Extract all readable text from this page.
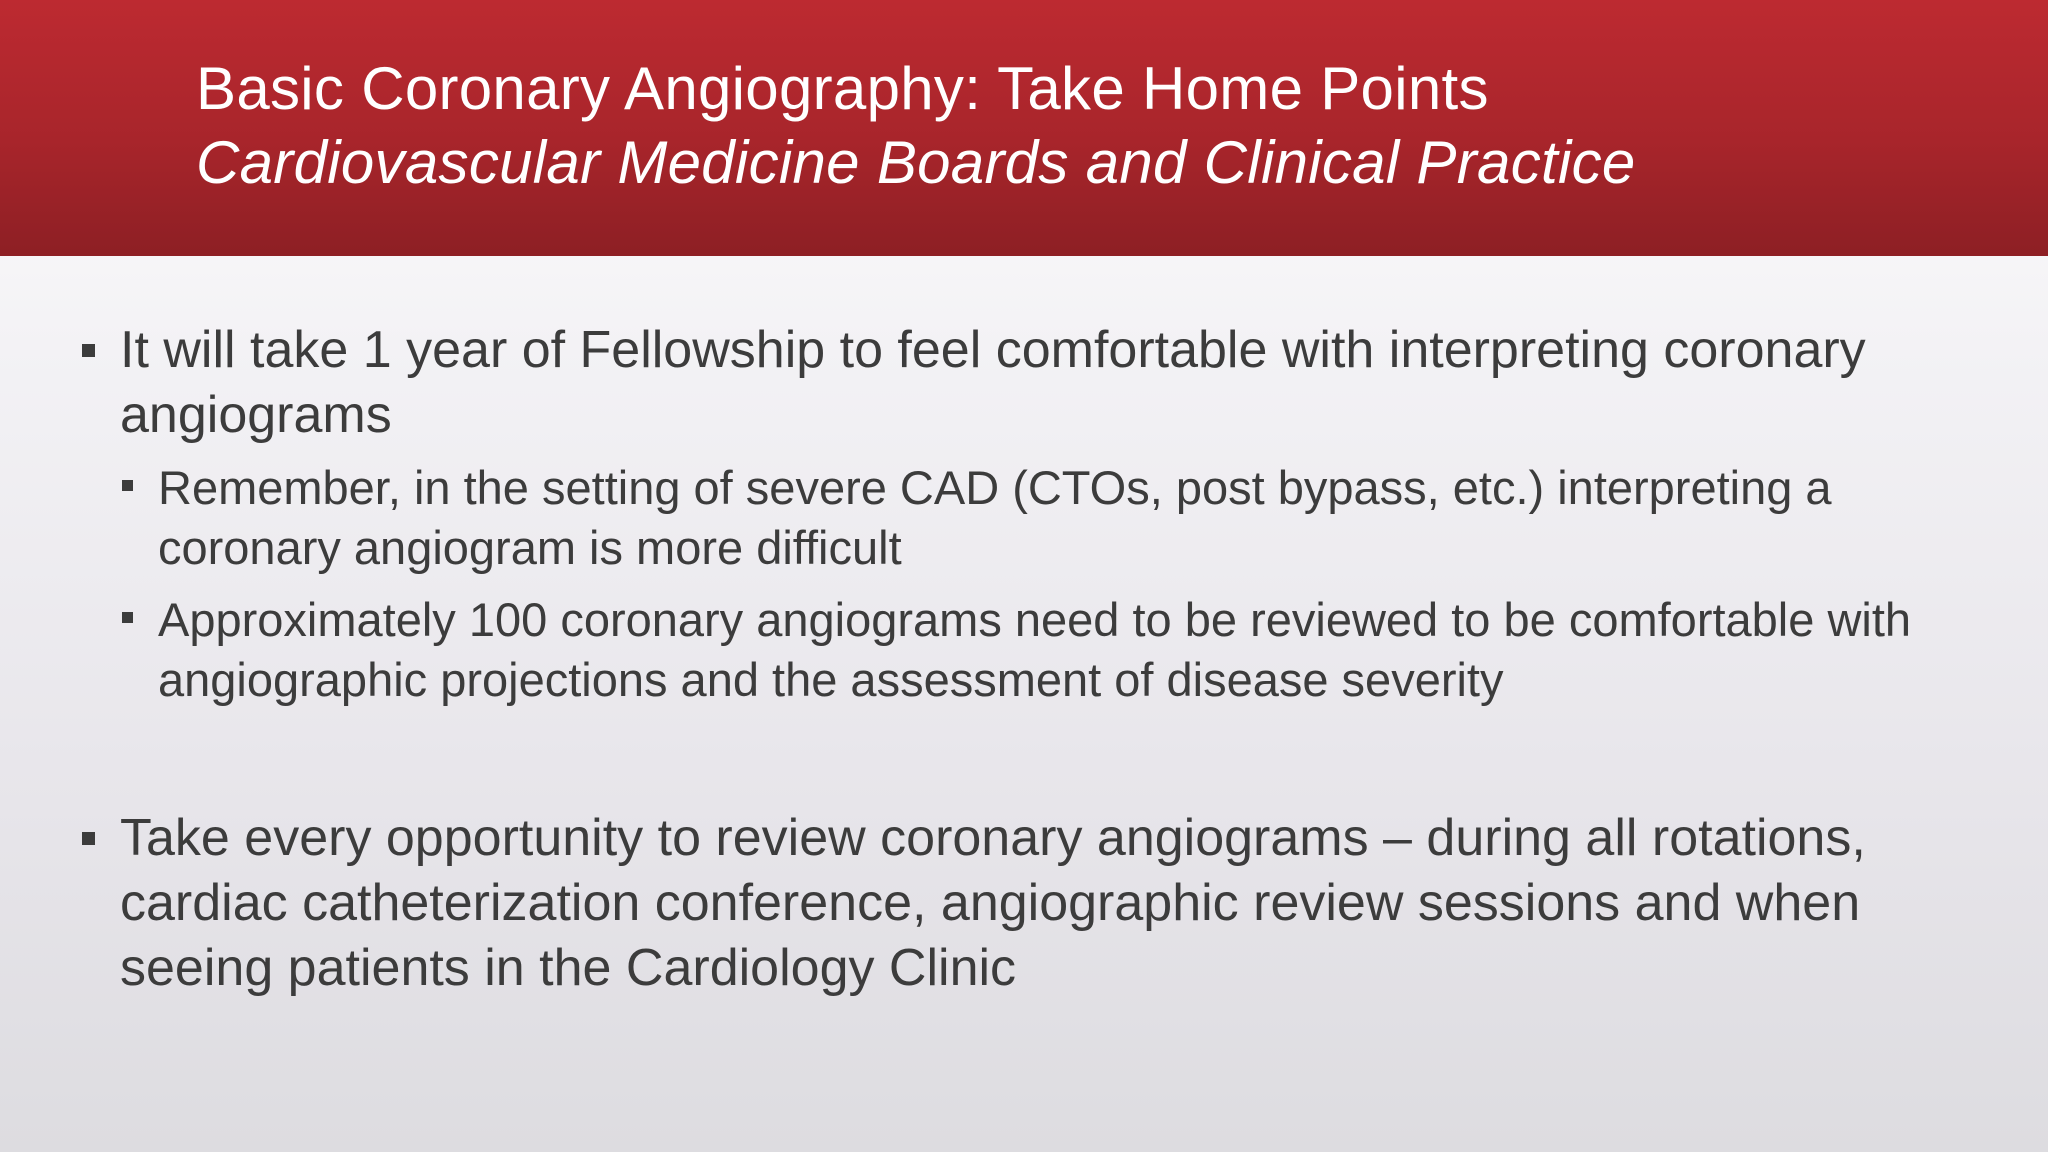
Basic Coronary Angiography: Take Home Points
Cardiovascular Medicine Boards and Clinical Practice
It will take 1 year of Fellowship to feel comfortable with interpreting coronary angiograms
Remember, in the setting of severe CAD (CTOs, post bypass, etc.) interpreting a coronary angiogram is more difficult
Approximately 100 coronary angiograms need to be reviewed to be comfortable with angiographic projections and the assessment of disease severity
Take every opportunity to review coronary angiograms – during all rotations, cardiac catheterization conference, angiographic review sessions and when seeing patients in the Cardiology Clinic
